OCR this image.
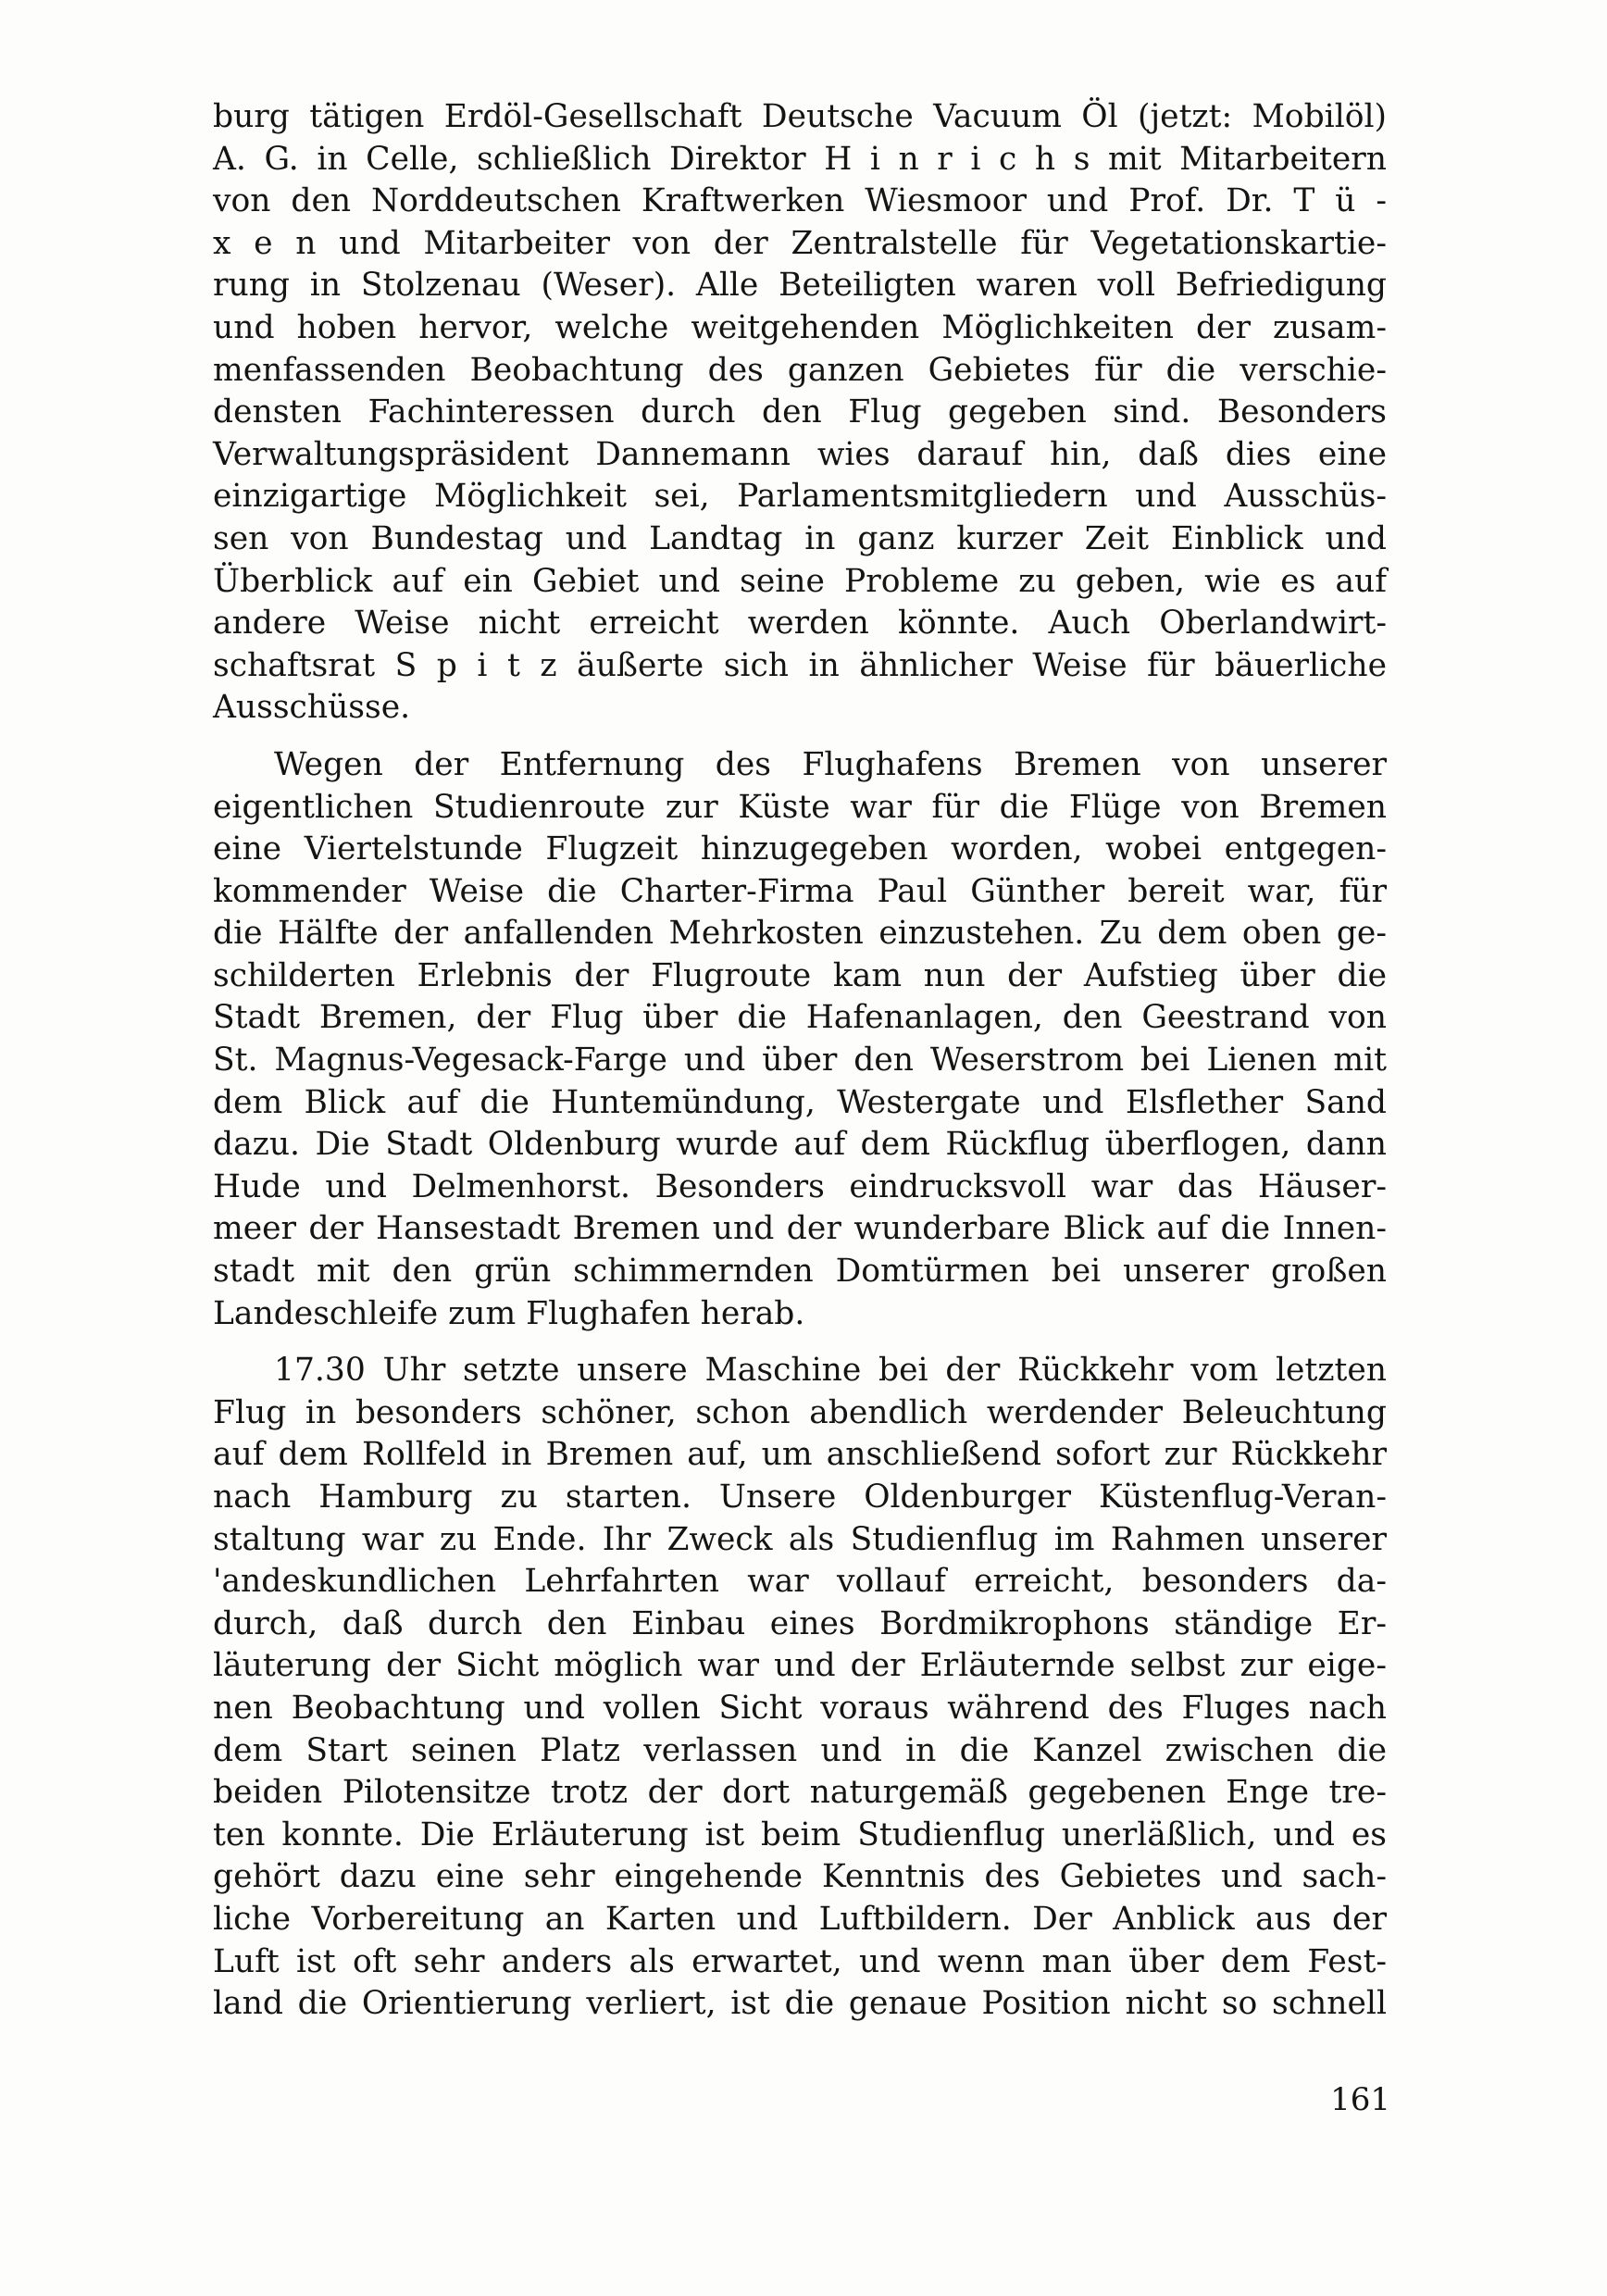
burg tätigen Erdöl-Gesellschaft Deutsche Vacuum Öl (jetzt: Mobilöl)
A. G. in Celle, schließlich Direktor H i n r i c h s mit Mitarbeitern
von den Norddeutschen Kraftwerken Wiesmoor und Prof. Dr. T ü -
x e n und Mitarbeiter von der Zentralstelle für Vegetationskartie-
rung in Stolzenau (Weser). Alle Beteiligten waren voll Befriedigung
und hoben hervor, welche weitgehenden Möglichkeiten der zusam-
menfassenden Beobachtung des ganzen Gebietes für die verschie-
densten Fachinteressen durch den Flug gegeben sind. Besonders
Verwaltungspräsident Dannemann wies darauf hin, daß dies eine
einzigartige Möglichkeit sei, Parlamentsmitgliedern und Ausschüs-
sen von Bundestag und Landtag in ganz kurzer Zeit Einblick und
Überblick auf ein Gebiet und seine Probleme zu geben, wie es auf
andere Weise nicht erreicht werden könnte. Auch Oberlandwirt-
schaftsrat S p i t z äußerte sich in ähnlicher Weise für bäuerliche
Ausschüsse.
Wegen der Entfernung des Flughafens Bremen von unserer
eigentlichen Studienroute zur Küste war für die Flüge von Bremen
eine Viertelstunde Flugzeit hinzugegeben worden, wobei entgegen-
kommender Weise die Charter-Firma Paul Günther bereit war, für
die Hälfte der anfallenden Mehrkosten einzustehen. Zu dem oben ge-
schilderten Erlebnis der Flugroute kam nun der Aufstieg über die
Stadt Bremen, der Flug über die Hafenanlagen, den Geestrand von
St. Magnus-Vegesack-Farge und über den Weserstrom bei Lienen mit
dem Blick auf die Huntemündung, Westergate und Elsflether Sand
dazu. Die Stadt Oldenburg wurde auf dem Rückflug überflogen, dann
Hude und Delmenhorst. Besonders eindrucksvoll war das Häuser-
meer der Hansestadt Bremen und der wunderbare Blick auf die Innen-
stadt mit den grün schimmernden Domtürmen bei unserer großen
Landeschleife zum Flughafen herab.
17.30 Uhr setzte unsere Maschine bei der Rückkehr vom letzten
Flug in besonders schöner, schon abendlich werdender Beleuchtung
auf dem Rollfeld in Bremen auf, um anschließend sofort zur Rückkehr
nach Hamburg zu starten. Unsere Oldenburger Küstenflug-Veran-
staltung war zu Ende. Ihr Zweck als Studienflug im Rahmen unserer
'andeskundlichen Lehrfahrten war vollauf erreicht, besonders da-
durch, daß durch den Einbau eines Bordmikrophons ständige Er-
läuterung der Sicht möglich war und der Erläuternde selbst zur eige-
nen Beobachtung und vollen Sicht voraus während des Fluges nach
dem Start seinen Platz verlassen und in die Kanzel zwischen die
beiden Pilotensitze trotz der dort naturgemäß gegebenen Enge tre-
ten konnte. Die Erläuterung ist beim Studienflug unerläßlich, und es
gehört dazu eine sehr eingehende Kenntnis des Gebietes und sach-
liche Vorbereitung an Karten und Luftbildern. Der Anblick aus der
Luft ist oft sehr anders als erwartet, und wenn man über dem Fest-
land die Orientierung verliert, ist die genaue Position nicht so schnell
161
